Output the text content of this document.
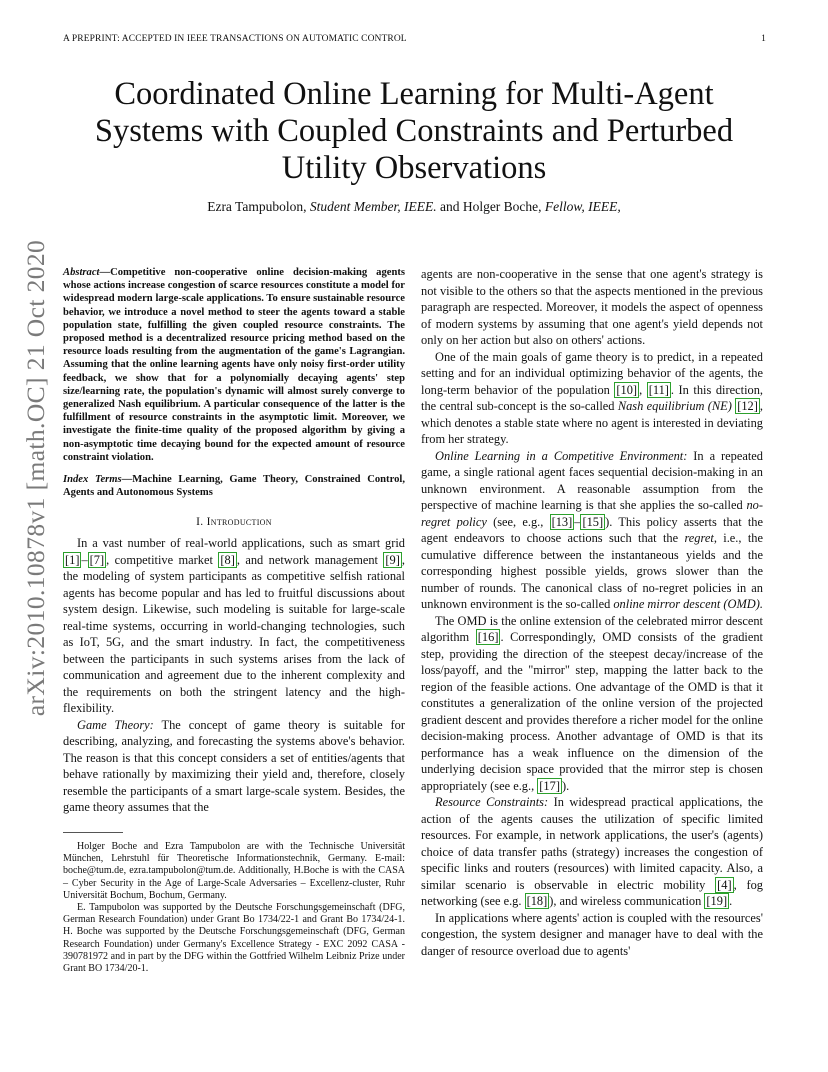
A PREPRINT: ACCEPTED IN IEEE TRANSACTIONS ON AUTOMATIC CONTROL	1
arXiv:2010.10878v1 [math.OC] 21 Oct 2020
Coordinated Online Learning for Multi-Agent
Systems with Coupled Constraints and Perturbed
Utility Observations
Ezra Tampubolon, Student Member, IEEE. and Holger Boche, Fellow, IEEE,

Abstract—Competitive non-cooperative online decision-making agents whose actions increase congestion of scarce resources constitute a model for widespread modern large-scale applications. To ensure sustainable resource behavior, we introduce a novel method to steer the agents toward a stable population state, fulfilling the given coupled resource constraints. The proposed method is a decentralized resource pricing method based on the resource loads resulting from the augmentation of the game's Lagrangian. Assuming that the online learning agents have only noisy first-order utility feedback, we show that for a polynomially decaying agents' step size/learning rate, the population's dynamic will almost surely converge to generalized Nash equilibrium. A particular consequence of the latter is the fulfillment of resource constraints in the asymptotic limit. Moreover, we investigate the finite-time quality of the proposed algorithm by giving a non-asymptotic time decaying bound for the expected amount of resource constraint violation.

Index Terms—Machine Learning, Game Theory, Constrained Control, Agents and Autonomous Systems

I. Introduction

In a vast number of real-world applications, such as smart grid [1] – [7] , competitive market [8] , and network management [9] , the modeling of system participants as competitive selfish rational agents has become popular and has led to fruitful discussions about system design. Likewise, such modeling is suitable for large-scale real-time systems, occurring in world-changing technologies, such as IoT, 5G, and the smart industry. In fact, the competitiveness between the participants in such systems arises from the lack of communication and agreement due to the inherent complexity and the requirements on both the stringent latency and the high-flexibility.

Game Theory: The concept of game theory is suitable for describing, analyzing, and forecasting the systems above's behavior. The reason is that this concept considers a set of entities/agents that behave rationally by maximizing their yield and, therefore, closely resemble the participants of a smart large-scale system. Besides, the game theory assumes that the

Holger Boche and Ezra Tampubolon are with the Technische Universität München, Lehrstuhl für Theoretische Informationstechnik, Germany. E-mail: boche@tum.de, ezra.tampubolon@tum.de. Additionally, H.Boche is with the CASA – Cyber Security in the Age of Large-Scale Adversaries – Excellenz-cluster, Ruhr Universität Bochum, Bochum, Germany.

E. Tampubolon was supported by the Deutsche Forschungsgemeinschaft (DFG, German Research Foundation) under Grant Bo 1734/22-1 and Grant Bo 1734/24-1. H. Boche was supported by the Deutsche Forschungsgemeinschaft (DFG, German Research Foundation) under Germany's Excellence Strategy - EXC 2092 CASA - 390781972 and in part by the DFG within the Gottfried Wilhelm Leibniz Prize under Grant BO 1734/20-1.

agents are non-cooperative in the sense that one agent's strategy is not visible to the others so that the aspects mentioned in the previous paragraph are respected. Moreover, it models the aspect of openness of modern systems by assuming that one agent's yield depends not only on her action but also on others' actions.

One of the main goals of game theory is to predict, in a repeated setting and for an individual optimizing behavior of the agents, the long-term behavior of the population [10] , [11] . In this direction, the central sub-concept is the so-called Nash equilibrium (NE) [12] , which denotes a stable state where no agent is interested in deviating from her strategy.

Online Learning in a Competitive Environment: In a repeated game, a single rational agent faces sequential decision-making in an unknown environment. A reasonable assumption from the perspective of machine learning is that she applies the so-called no-regret policy (see, e.g., [13] – [15] ). This policy asserts that the agent endeavors to choose actions such that the regret, i.e., the cumulative difference between the instantaneous yields and the corresponding highest possible yields, grows slower than the number of rounds. The canonical class of no-regret policies in an unknown environment is the so-called online mirror descent (OMD).

The OMD is the online extension of the celebrated mirror descent algorithm [16] . Correspondingly, OMD consists of the gradient step, providing the direction of the steepest decay/increase of the loss/payoff, and the "mirror" step, mapping the latter back to the region of the feasible actions. One advantage of the OMD is that it constitutes a generalization of the online version of the projected gradient descent and provides therefore a richer model for the online decision-making process. Another advantage of OMD is that its performance has a weak influence on the dimension of the underlying decision space provided that the mirror step is chosen appropriately (see e.g., [17] ).

Resource Constraints: In widespread practical applications, the action of the agents causes the utilization of specific limited resources. For example, in network applications, the user's (agents) choice of data transfer paths (strategy) increases the congestion of specific links and routers (resources) with limited capacity. Also, a similar scenario is observable in electric mobility [4] , fog networking (see e.g. [18] ), and wireless communication [19] .

In applications where agents' action is coupled with the resources' congestion, the system designer and manager have to deal with the danger of resource overload due to agents'
